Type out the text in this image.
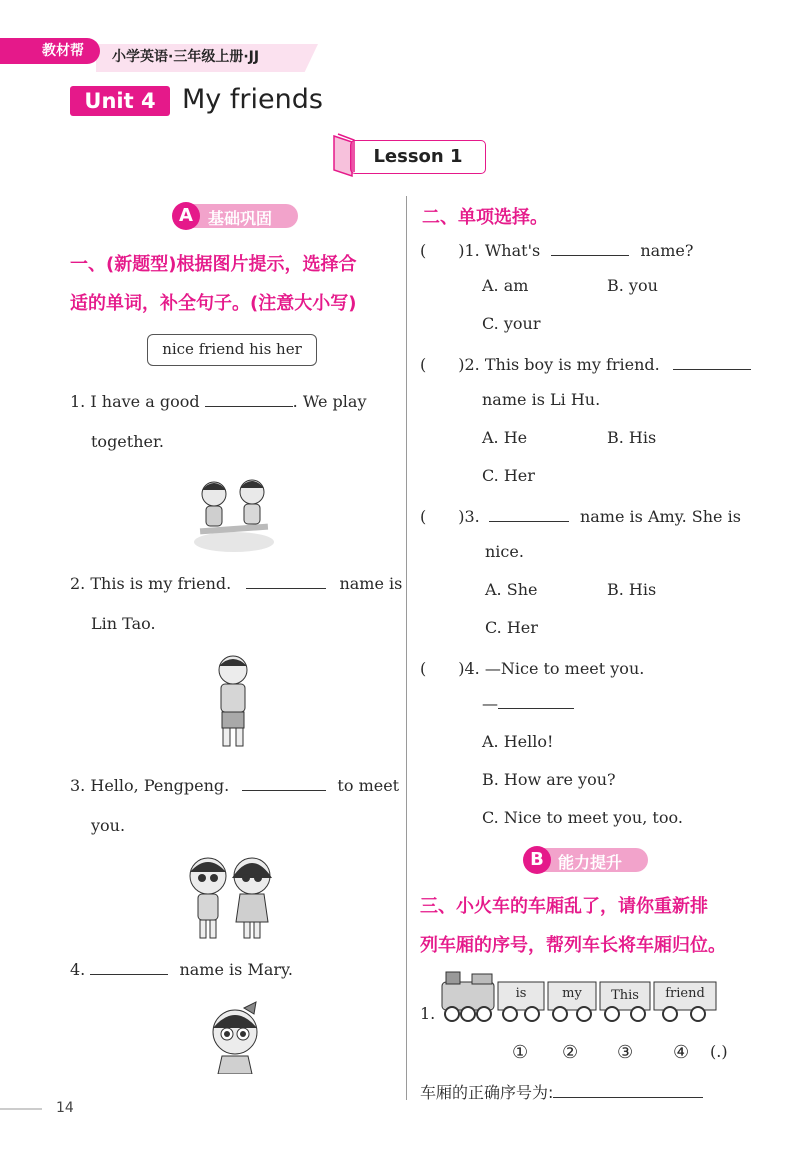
教材帮	小学英语·三年级上册·JJ
Unit 4 My friends
Lesson 1
A 基础巩固
一、(新题型)根据图片提示，选择合
适的单词，补全句子。(注意大小写)
nice friend his her
1. I have a good	. We play
together.
2. This is my friend.	name is
Lin Tao.
3. Hello, Pengpeng.	to meet
you.
4.	name is Mary.
二、单项选择。
(　　)1. What's	name?
A. am	B. you
C. your
(　　)2. This boy is my friend.
name is Li Hu.
A. He	B. His
C. Her
(　　)3.	name is Amy. She is
nice.
A. She	B. His
C. Her
(　　)4. —Nice to meet you.
—
A. Hello!
B. How are you?
C. Nice to meet you, too.
B 能力提升
三、小火车的车厢乱了，请你重新排
列车厢的序号，帮列车长将车厢归位。
1.
is	my	This	friend
① ② ③ ④ (.)
车厢的正确序号为:
14
